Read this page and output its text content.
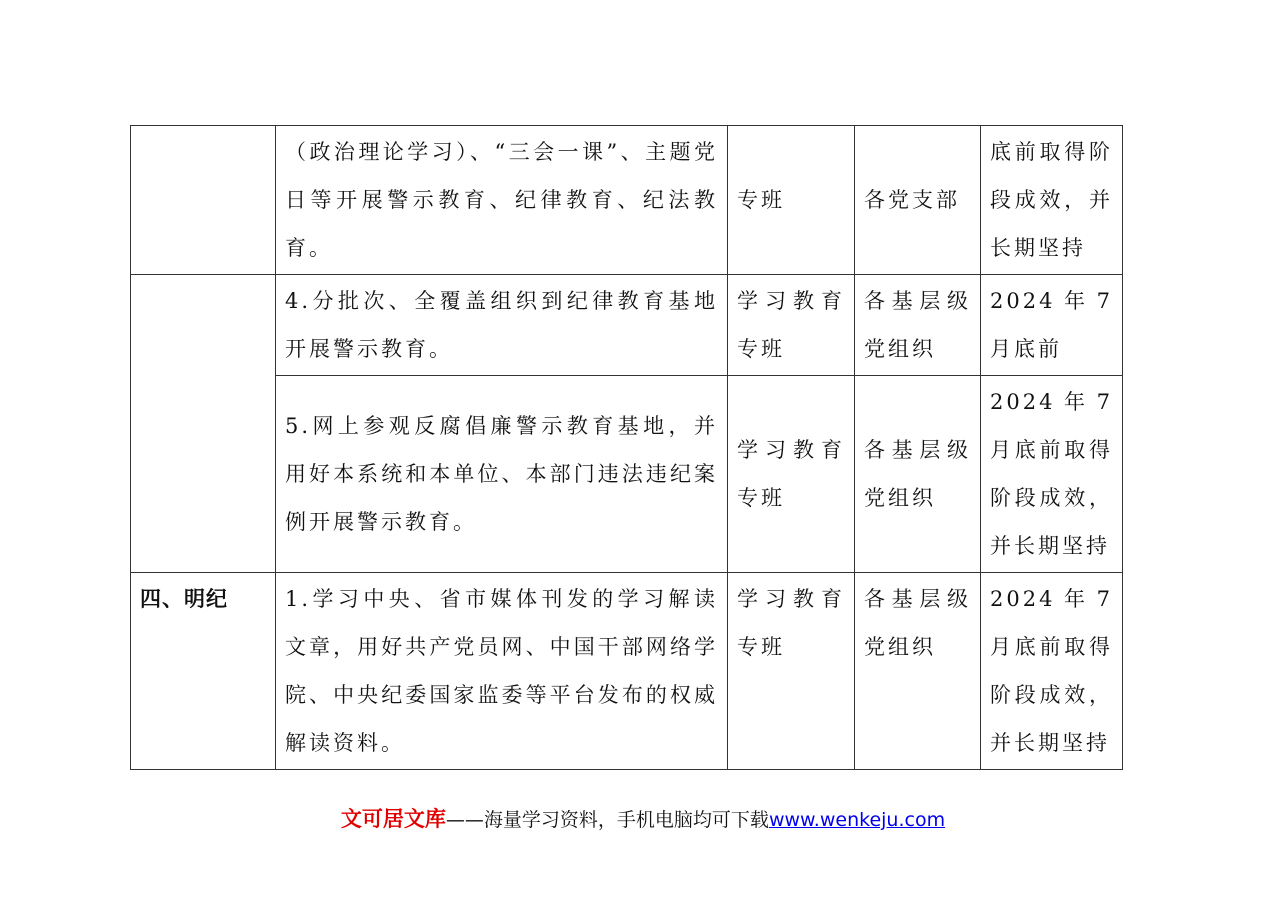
	（政治理论学习）、“三会一课”、主题党日等开展警示教育、纪律教育、纪法教育。	专班	各党支部	底前取得阶段成效，并长期坚持

	4.分批次、全覆盖组织到纪律教育基地开展警示教育。	学习教育专班	各基层级党组织	2024年7月底前

	5.网上参观反腐倡廉警示教育基地，并用好本系统和本单位、本部门违法违纪案例开展警示教育。	学习教育专班	各基层级党组织	2024年7月底前取得阶段成效，并长期坚持

四、明纪	1.学习中央、省市媒体刊发的学习解读文章，用好共产党员网、中国干部网络学院、中央纪委国家监委等平台发布的权威解读资料。	学习教育专班	各基层级党组织	2024年7月底前取得阶段成效，并长期坚持
文可居文库——海量学习资料，手机电脑均可下载www.wenkeju.com
